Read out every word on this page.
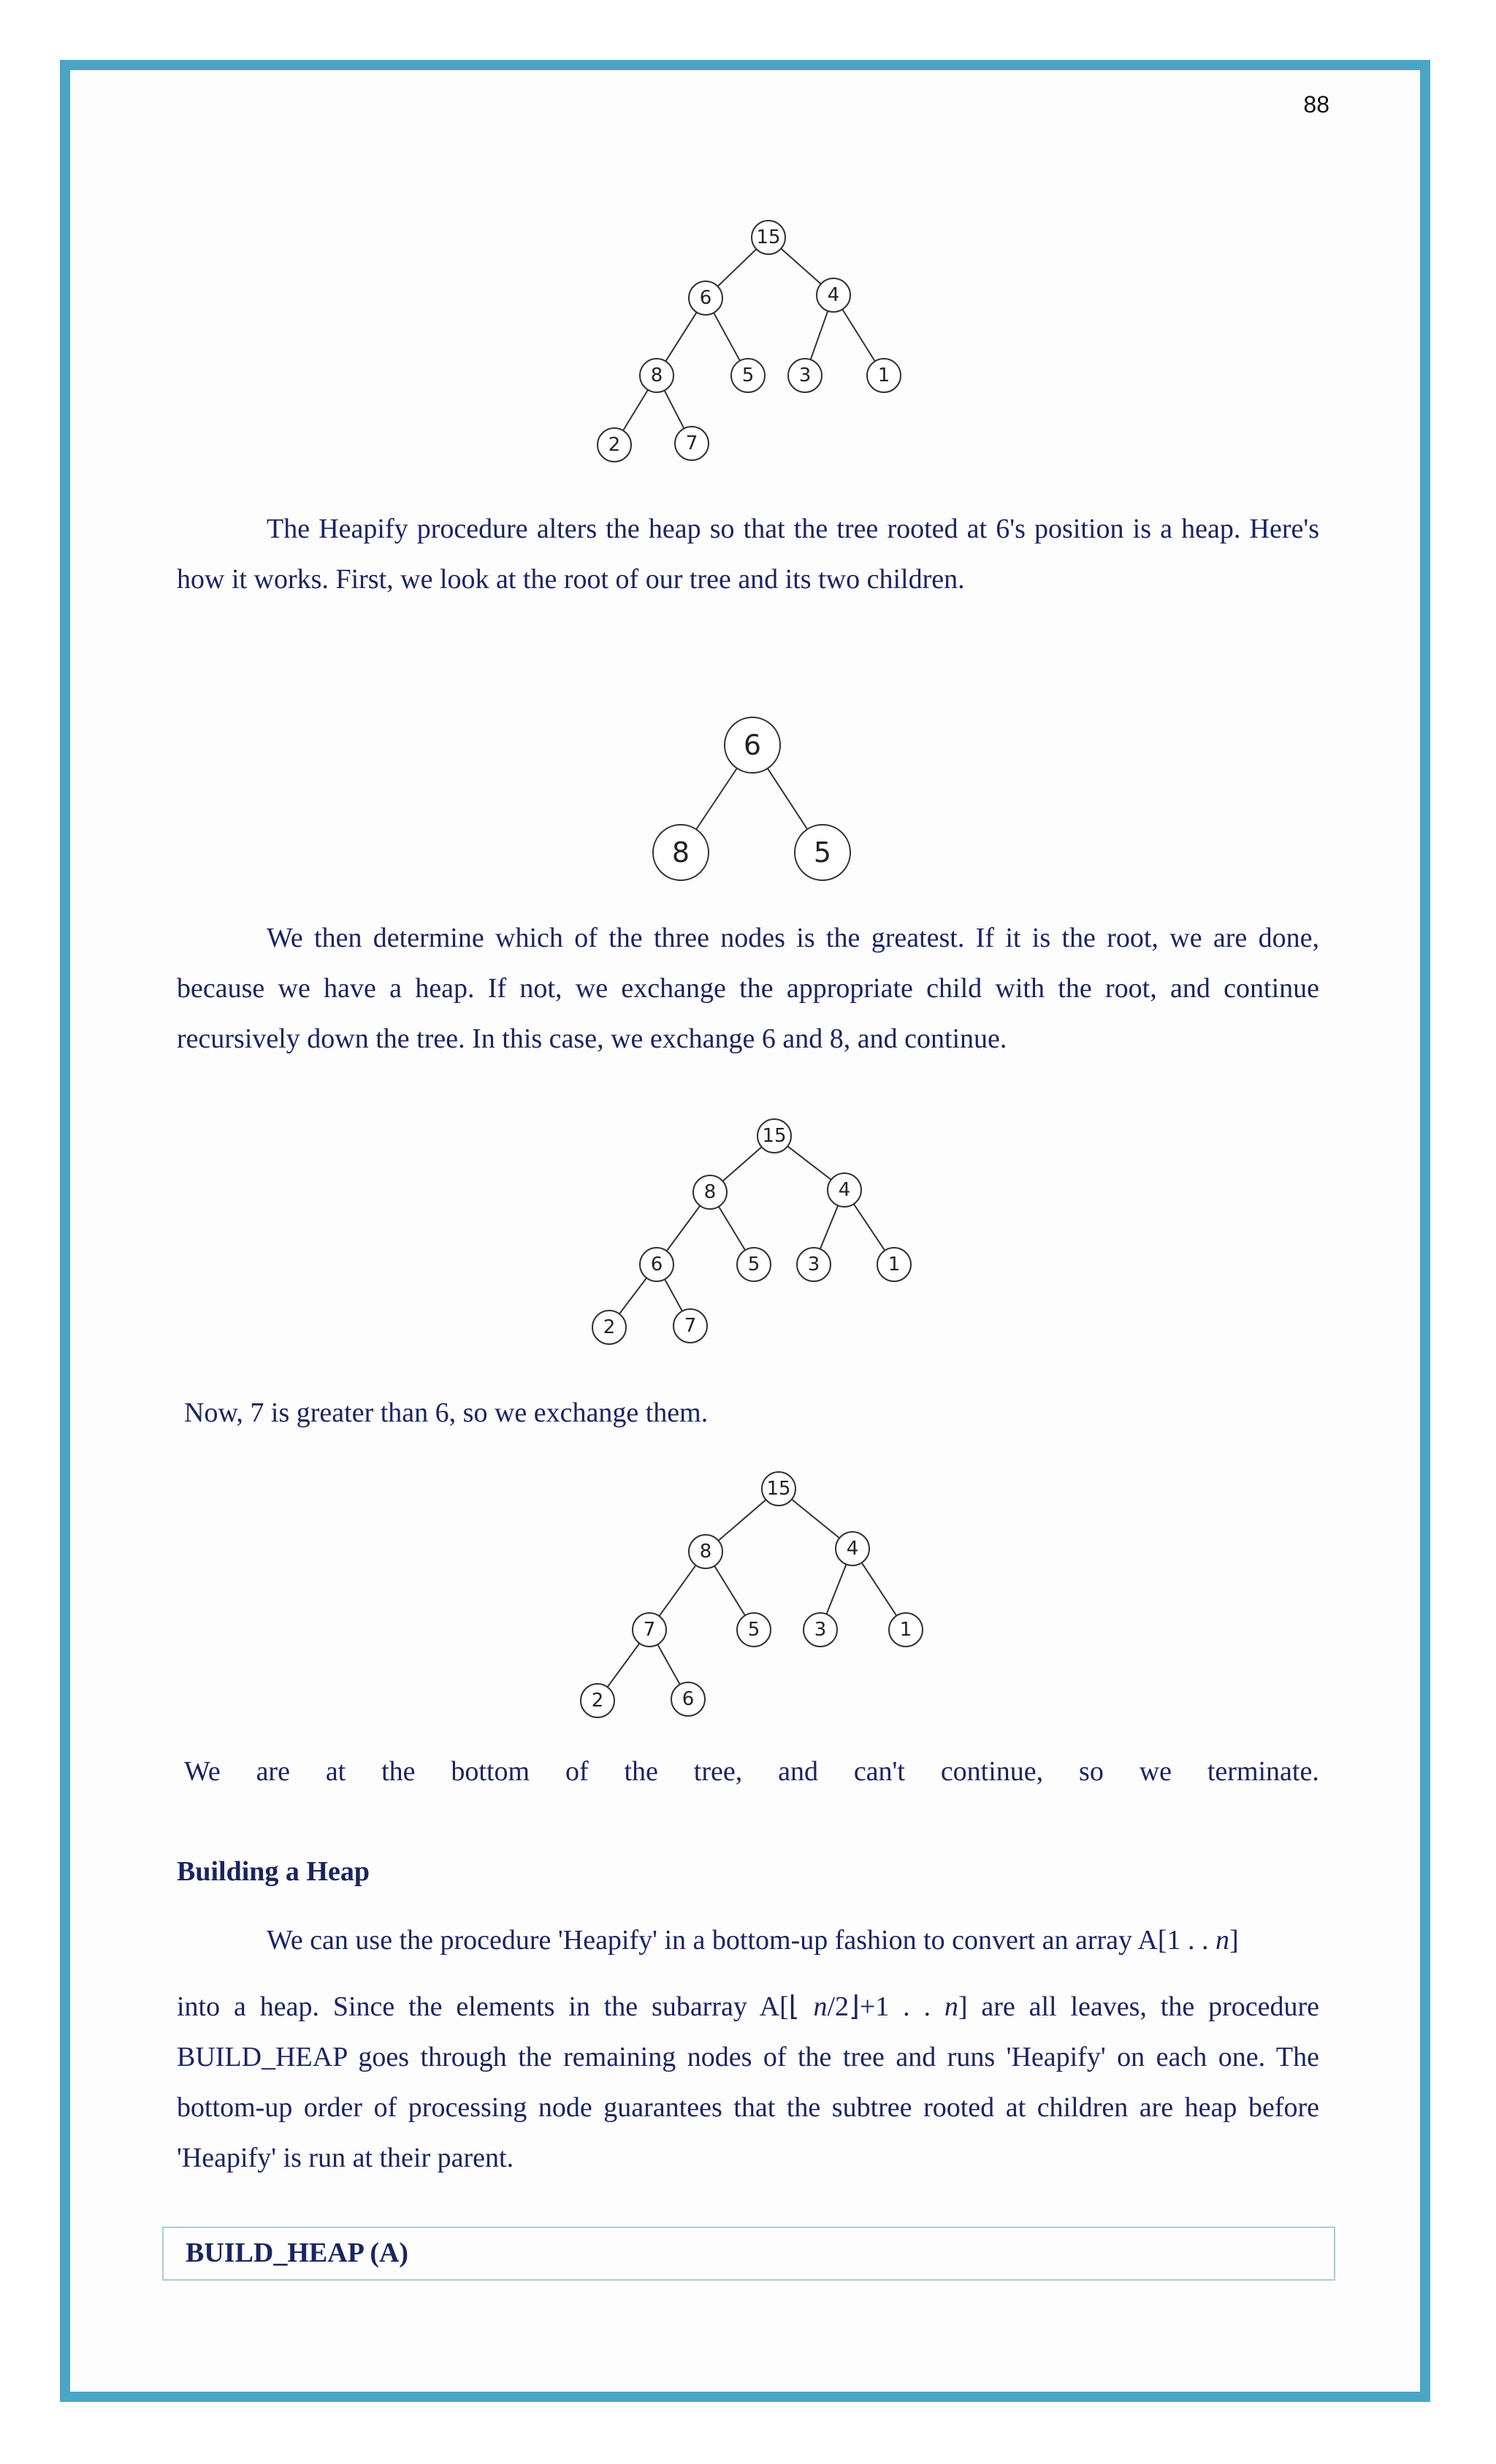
88
15
6	4
8	5 3	1
2	7
The Heapify procedure alters the heap so that the tree rooted at 6's position is a heap. Here's how it works. First, we look at the root of our tree and its two children.
6
8	5
We then determine which of the three nodes is the greatest. If it is the root, we are done, because we have a heap. If not, we exchange the appropriate child with the root, and continue recursively down the tree. In this case, we exchange 6 and 8, and continue.
15
8	4
6	5	3	1
2	7
Now, 7 is greater than 6, so we exchange them.
15
8	4
7	5	3	1
2	6
We are at the bottom of the tree, and can't continue, so we terminate.
Building a Heap
We can use the procedure 'Heapify' in a bottom-up fashion to convert an array A[1 . . n]
into a heap. Since the elements in the subarray A[⌊ n/2⌋+1 . . n] are all leaves, the procedure BUILD_HEAP goes through the remaining nodes of the tree and runs 'Heapify' on each one. The bottom-up order of processing node guarantees that the subtree rooted at children are heap before 'Heapify' is run at their parent.
BUILD_HEAP (A)
